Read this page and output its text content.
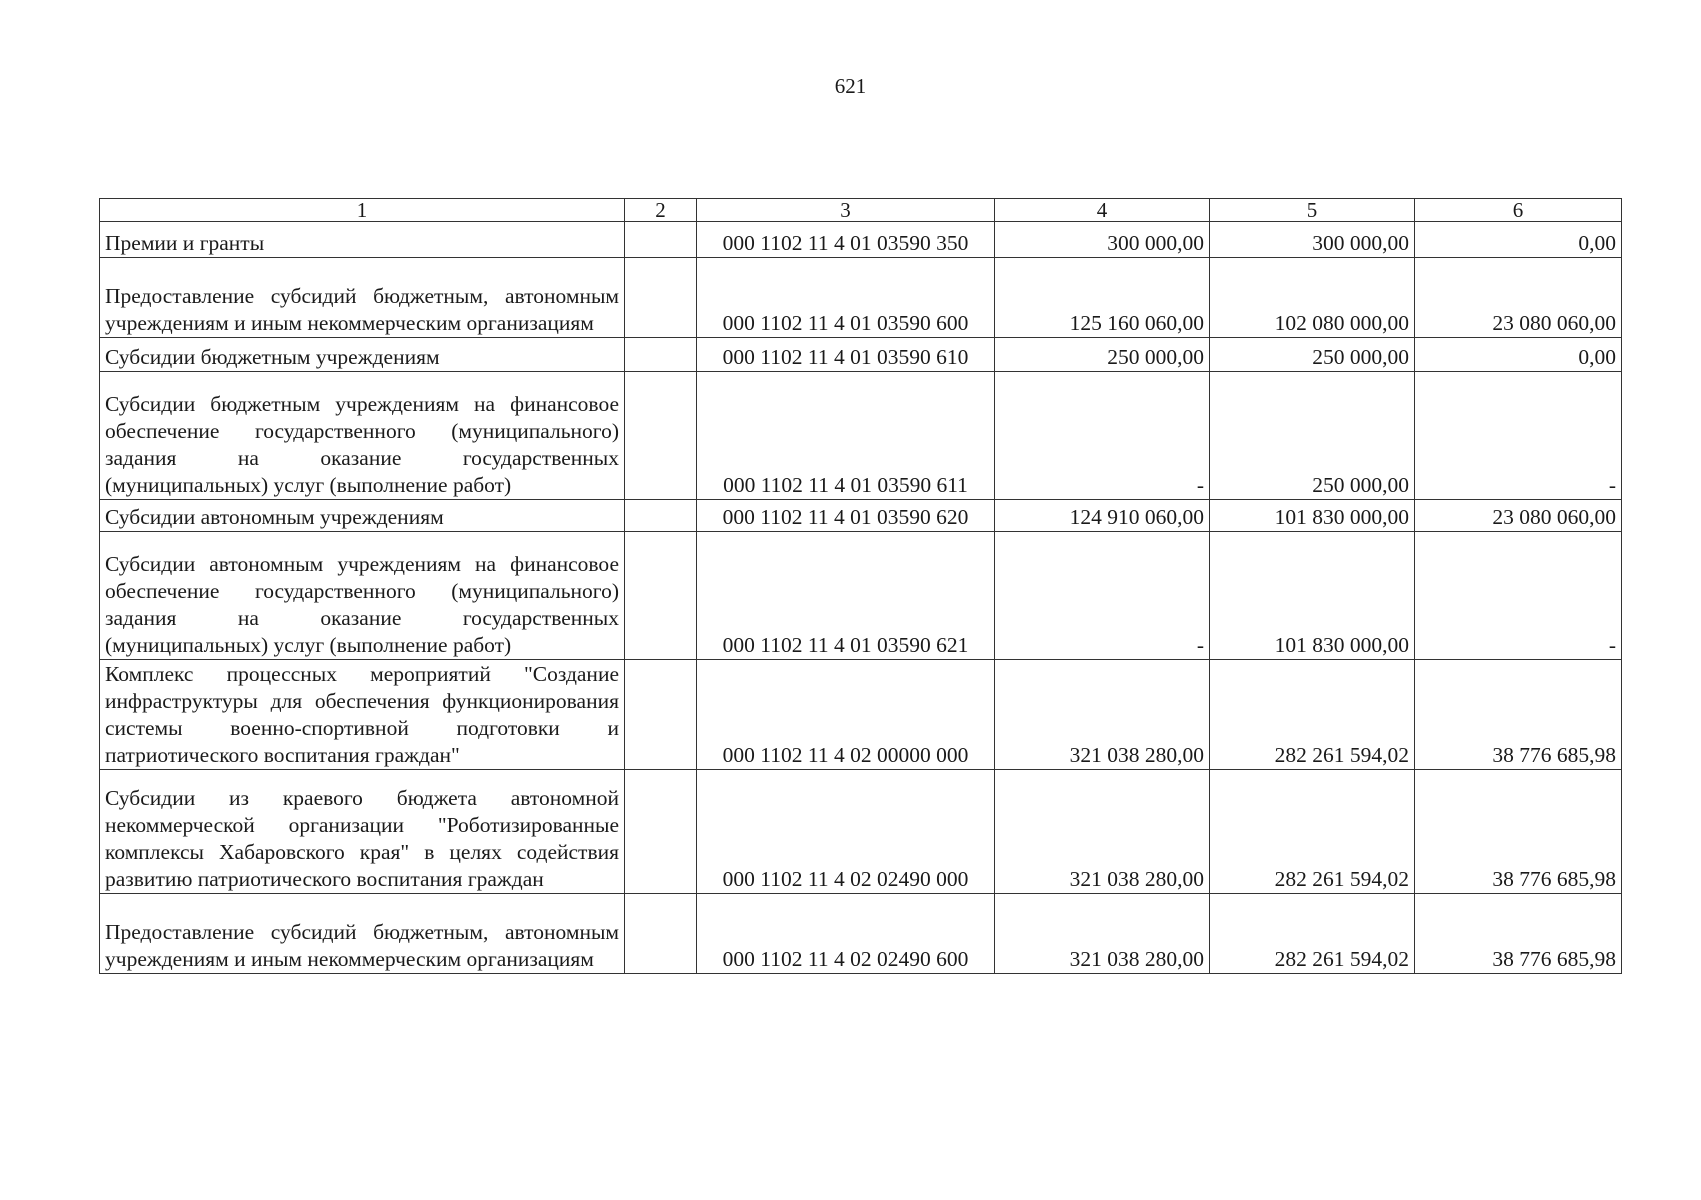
621
1	2	3	4	5	6
Премии и гранты		000 1102 11 4 01 03590 350	300 000,00	300 000,00	0,00
Предоставление субсидий бюджетным, автономным учреждениям и иным некоммерческим организациям		000 1102 11 4 01 03590 600	125 160 060,00	102 080 000,00	23 080 060,00
Субсидии бюджетным учреждениям		000 1102 11 4 01 03590 610	250 000,00	250 000,00	0,00
Субсидии бюджетным учреждениям на финансовое обеспечение государственного (муниципального) задания на оказание государственных (муниципальных) услуг (выполнение работ)		000 1102 11 4 01 03590 611	-	250 000,00	-
Субсидии автономным учреждениям		000 1102 11 4 01 03590 620	124 910 060,00	101 830 000,00	23 080 060,00
Субсидии автономным учреждениям на финансовое обеспечение государственного (муниципального) задания на оказание государственных (муниципальных) услуг (выполнение работ)		000 1102 11 4 01 03590 621	-	101 830 000,00	-
Комплекс процессных мероприятий "Создание инфраструктуры для обеспечения функционирования системы военно-спортивной подготовки и патриотического воспитания граждан"		000 1102 11 4 02 00000 000	321 038 280,00	282 261 594,02	38 776 685,98
Субсидии из краевого бюджета автономной некоммерческой организации "Роботизированные комплексы Хабаровского края" в целях содействия развитию патриотического воспитания граждан		000 1102 11 4 02 02490 000	321 038 280,00	282 261 594,02	38 776 685,98
Предоставление субсидий бюджетным, автономным учреждениям и иным некоммерческим организациям		000 1102 11 4 02 02490 600	321 038 280,00	282 261 594,02	38 776 685,98
